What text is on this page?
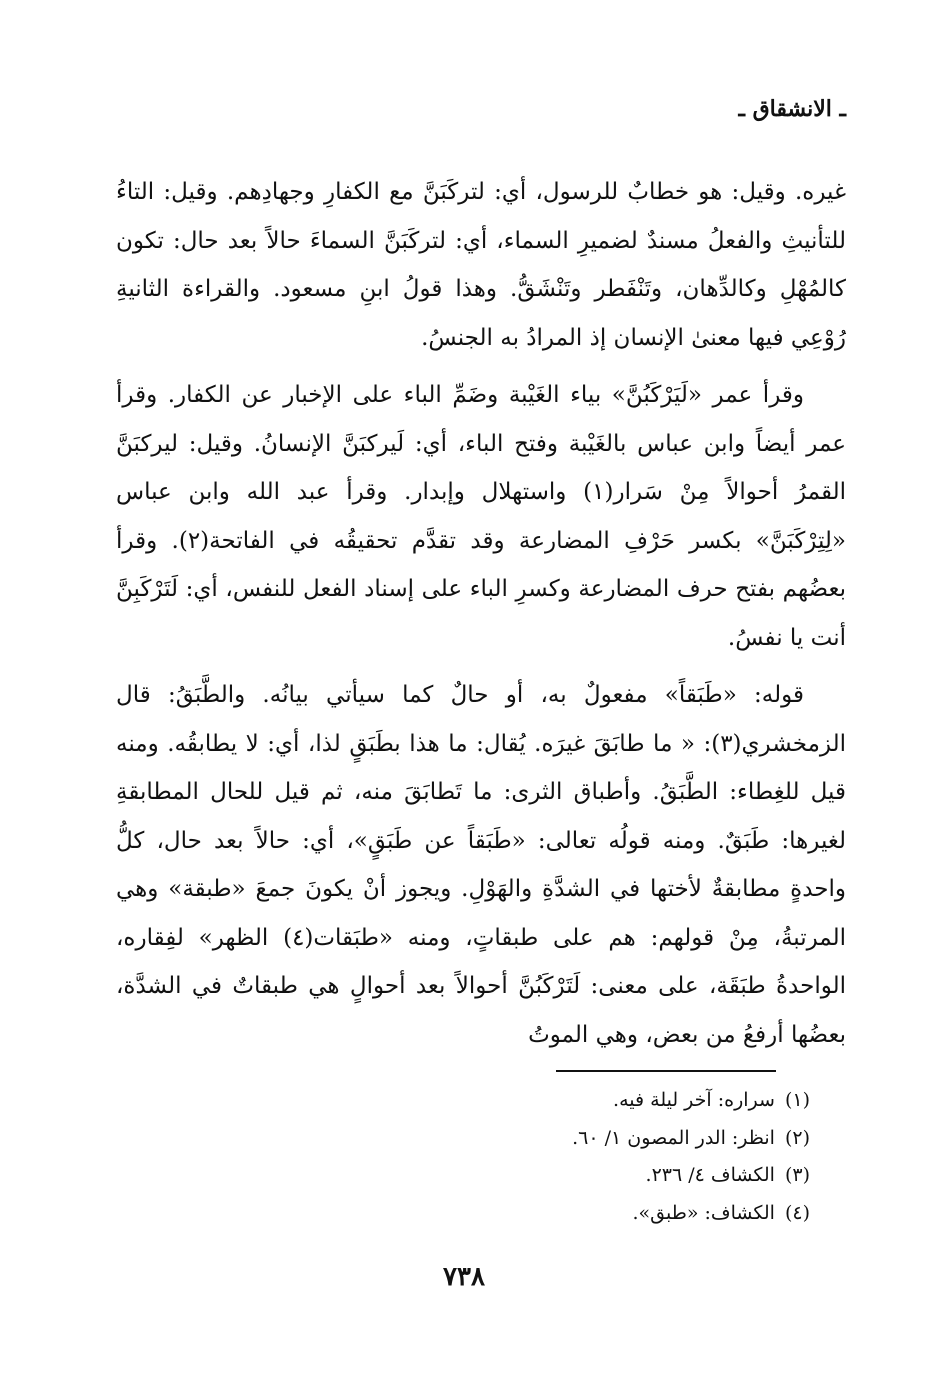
ـ الانشقاق ـ

غيره. وقيل: هو خطابٌ للرسول، أي: لتركَبَنَّ مع الكفارِ وجهادِهم. وقيل: التاءُ للتأنيثِ والفعلُ مسندٌ لضميرِ السماء، أي: لتركَبَنَّ السماءَ حالاً بعد حال: تكون كالمُهْلِ وكالدِّهان، وتَنْفَطر وتَنْشَقُّ. وهذا قولُ ابنِ مسعود. والقراءة الثانيةِ رُوْعِي فيها معنىٰ الإنسان إذ المرادُ به الجنسُ.

وقرأ عمر «لَيَرْكَبُنَّ» بياء الغَيْبة وضَمِّ الباء على الإخبار عن الكفار. وقرأ عمر أيضاً وابن عباس بالغَيْبة وفتح الباء، أي: لَيركبَنَّ الإنسانُ. وقيل: ليركبَنَّ القمرُ أحوالاً مِنْ سَرار(١) واستهلال وإبدار. وقرأ عبد الله وابن عباس «لِتِرْكَبَنَّ» بكسر حَرْفِ المضارعة وقد تقدَّم تحقيقُه في الفاتحة(٢). وقرأ بعضُهم بفتح حرف المضارعة وكسرِ الباء على إسناد الفعل للنفس، أي: لَتَرْكَبِنَّ أنت يا نفسُ.

قوله: «طَبَقاً» مفعولٌ به، أو حالٌ كما سيأتي بيانُه. والطَّبَقُ: قال الزمخشري(٣): « ما طابَقَ غيرَه. يُقال: ما هذا بطَبَقٍ لذا، أي: لا يطابقُه. ومنه قيل للغِطاء: الطَّبَقُ. وأطباق الثرى: ما تَطابَقَ منه، ثم قيل للحال المطابقةِ لغيرها: طَبَقٌ. ومنه قولُه تعالى: «طَبَقاً عن طَبَقٍ»، أي: حالاً بعد حال، كلُّ واحدةٍ مطابقةٌ لأختها في الشدَّةِ والهَوْلِ. ويجوز أنْ يكونَ جمعَ «طبقة» وهي المرتبةُ، مِنْ قولهم: هم على طبقاتٍ، ومنه «طبَقات(٤) الظهر» لفِقاره، الواحدةُ طبَقَة، على معنى: لَتَرْكَبُنَّ أحوالاً بعد أحوالٍ هي طبقاتٌ في الشدَّة، بعضُها أرفعُ من بعض، وهي الموتُ

(١)سراره: آخر ليلة فيه.
(٢)انظر: الدر المصون ١/ ٦٠.
(٣)الكشاف ٤/ ٢٣٦.
(٤)الكشاف: «طبق».
٧٣٨
